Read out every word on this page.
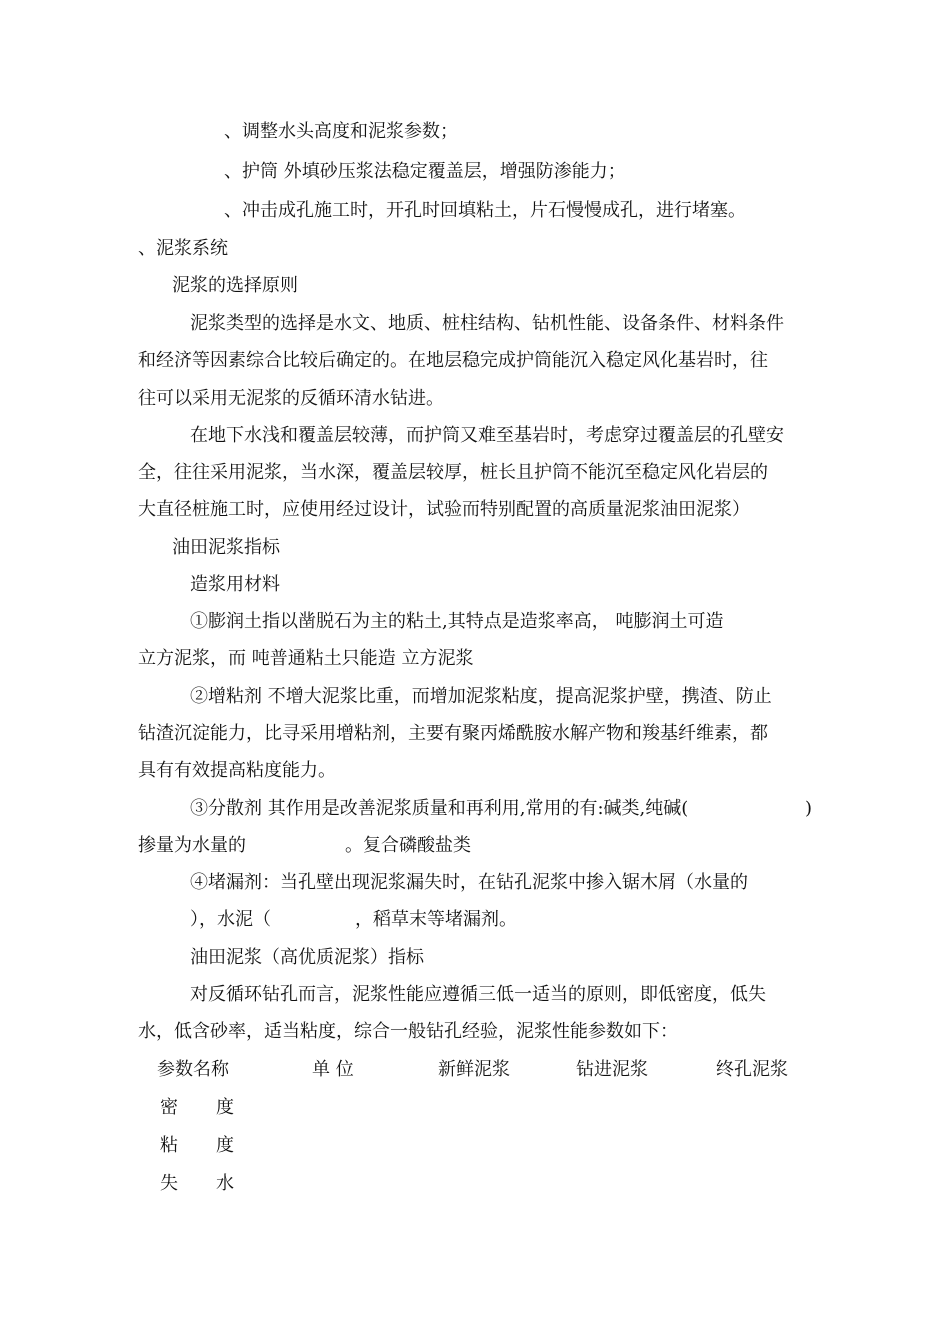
、调整水头高度和泥浆参数；
、护筒 外填砂压浆法稳定覆盖层，增强防渗能力；
、冲击成孔施工时，开孔时回填粘土，片石慢慢成孔，进行堵塞。
、泥浆系统
泥浆的选择原则
泥浆类型的选择是水文、地质、桩柱结构、钻机性能、设备条件、材料条件
和经济等因素综合比较后确定的。在地层稳完成护筒能沉入稳定风化基岩时，往
往可以采用无泥浆的反循环清水钻进。
在地下水浅和覆盖层较薄，而护筒又难至基岩时，考虑穿过覆盖层的孔壁安
全，往往采用泥浆，当水深，覆盖层较厚，桩长且护筒不能沉至稳定风化岩层的
大直径桩施工时，应使用经过设计，试验而特别配置的高质量泥浆油田泥浆）
油田泥浆指标
造浆用材料
①膨润土指以凿脱石为主的粘土,其特点是造浆率高， 吨膨润土可造
立方泥浆，而 吨普通粘土只能造 立方泥浆
②增粘剂 不增大泥浆比重，而增加泥浆粘度，提高泥浆护壁，携渣、防止
钻渣沉淀能力，比寻采用增粘剂，主要有聚丙烯酰胺水解产物和羧基纤维素，都
具有有效提高粘度能力。
③分散剂 其作用是改善泥浆质量和再利用,常用的有:碱类,纯碱(	)
掺量为水量的	。复合磷酸盐类
④堵漏剂：当孔壁出现泥浆漏失时，在钻孔泥浆中掺入锯木屑（水量的
），水泥（	，稻草末等堵漏剂。
油田泥浆（高优质泥浆）指标
对反循环钻孔而言，泥浆性能应遵循三低一适当的原则，即低密度，低失
水，低含砂率，适当粘度，综合一般钻孔经验，泥浆性能参数如下：
参数名称	单 位	新鲜泥浆	钻进泥浆	终孔泥浆
密 度
粘 度
失 水
